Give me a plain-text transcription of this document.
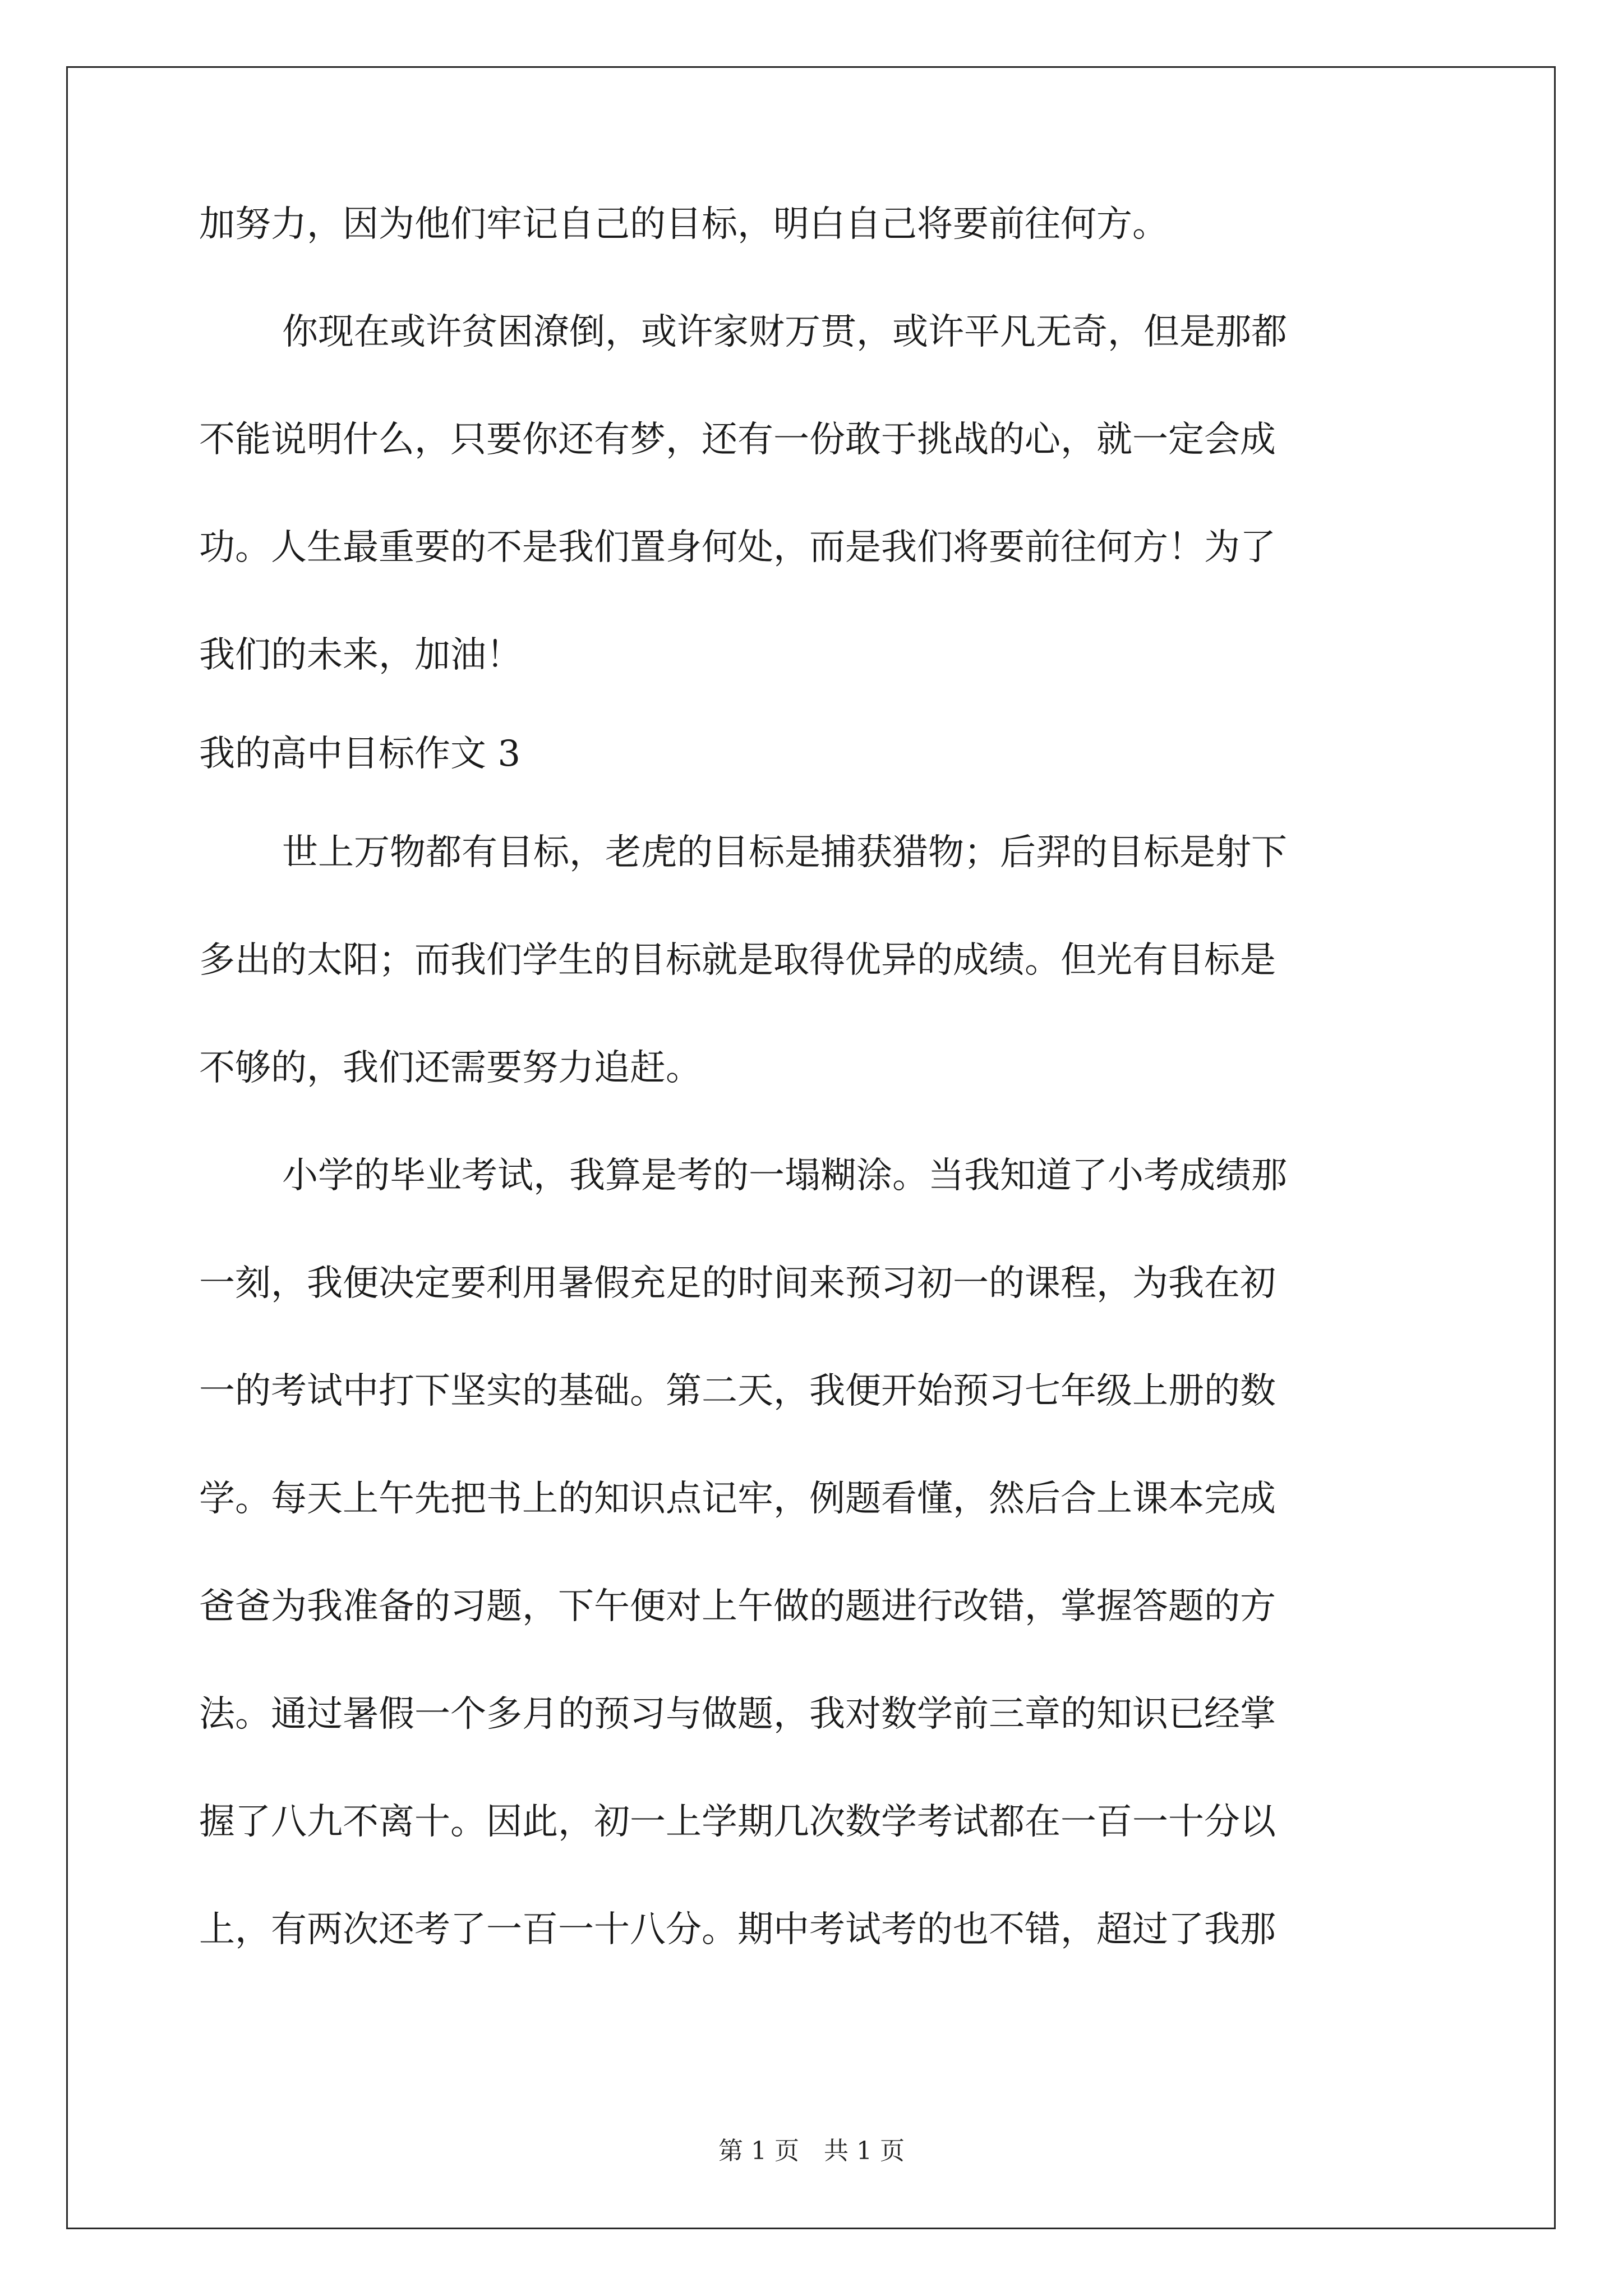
加努力，因为他们牢记自己的目标，明白自己将要前往何方。
你现在或许贫困潦倒，或许家财万贯，或许平凡无奇，但是那都
不能说明什么，只要你还有梦，还有一份敢于挑战的心，就一定会成
功。人生最重要的不是我们置身何处，而是我们将要前往何方！为了
我们的未来，加油！
我的高中目标作文 3
世上万物都有目标，老虎的目标是捕获猎物；后羿的目标是射下
多出的太阳；而我们学生的目标就是取得优异的成绩。但光有目标是
不够的，我们还需要努力追赶。
小学的毕业考试，我算是考的一塌糊涂。当我知道了小考成绩那
一刻，我便决定要利用暑假充足的时间来预习初一的课程，为我在初
一的考试中打下坚实的基础。第二天，我便开始预习七年级上册的数
学。每天上午先把书上的知识点记牢，例题看懂，然后合上课本完成
爸爸为我准备的习题，下午便对上午做的题进行改错，掌握答题的方
法。通过暑假一个多月的预习与做题，我对数学前三章的知识已经掌
握了八九不离十。因此，初一上学期几次数学考试都在一百一十分以
上，有两次还考了一百一十八分。期中考试考的也不错，超过了我那
第 1 页　共 1 页
